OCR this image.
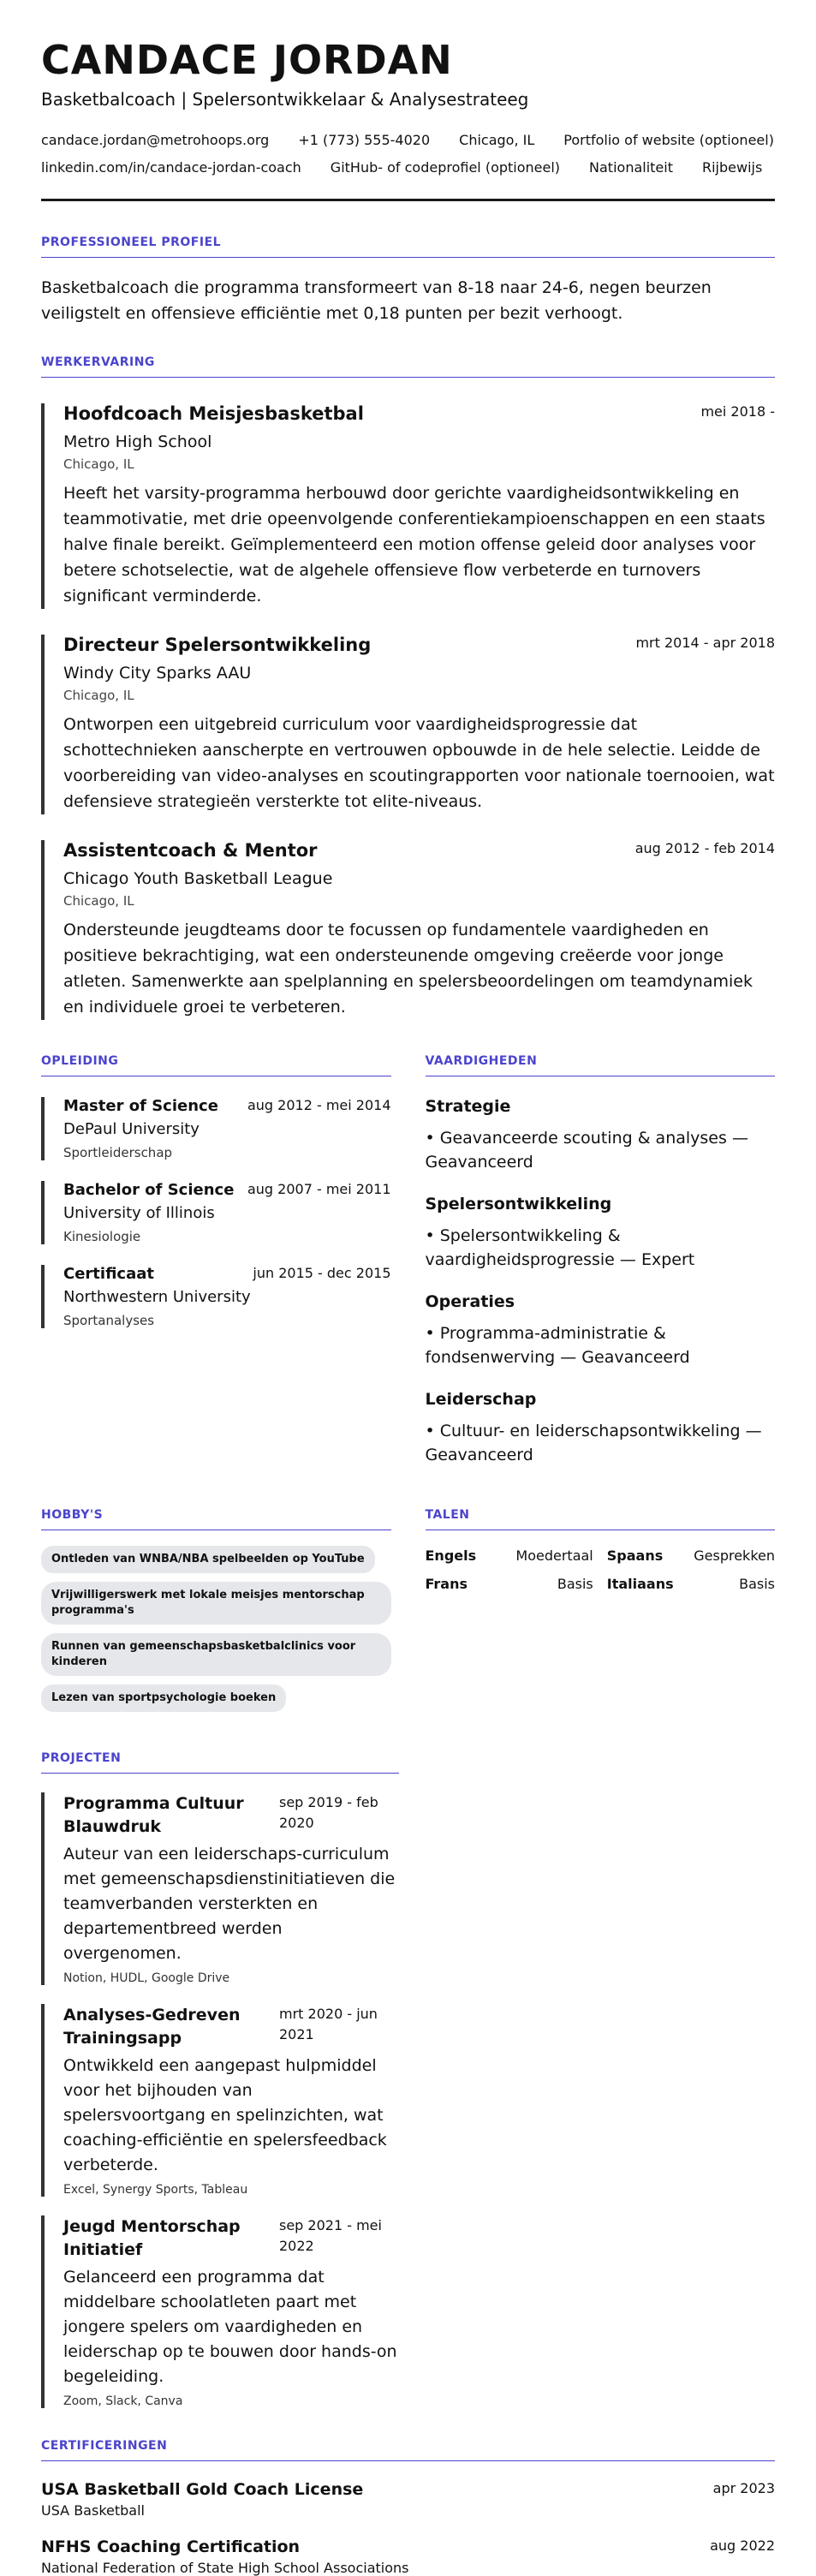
CANDACE JORDAN
Basketbalcoach | Spelersontwikkelaar & Analysestrateeg
candace.jordan@metrohoops.org +1 (773) 555-4020 Chicago, IL Portfolio of website (optioneel)
linkedin.com/in/candace-jordan-coach GitHub- of codeprofiel (optioneel) Nationaliteit Rijbewijs
PROFESSIONEEL PROFIEL
Basketbalcoach die programma transformeert van 8-18 naar 24-6, negen beurzen veiligstelt en offensieve efficiëntie met 0,18 punten per bezit verhoogt.
WERKERVARING
Hoofdcoach Meisjesbasketbal	mei 2018 -
Metro High School
Chicago, IL
Heeft het varsity-programma herbouwd door gerichte vaardigheidsontwikkeling en teammotivatie, met drie opeenvolgende conferentiekampioenschappen en een staats halve finale bereikt. Geïmplementeerd een motion offense geleid door analyses voor betere schotselectie, wat de algehele offensieve flow verbeterde en turnovers significant verminderde.
Directeur Spelersontwikkeling	mrt 2014 - apr 2018
Windy City Sparks AAU
Chicago, IL
Ontworpen een uitgebreid curriculum voor vaardigheidsprogressie dat schottechnieken aanscherpte en vertrouwen opbouwde in de hele selectie. Leidde de voorbereiding van video-analyses en scoutingrapporten voor nationale toernooien, wat defensieve strategieën versterkte tot elite-niveaus.
Assistentcoach & Mentor	aug 2012 - feb 2014
Chicago Youth Basketball League
Chicago, IL
Ondersteunde jeugdteams door te focussen op fundamentele vaardigheden en positieve bekrachtiging, wat een ondersteunende omgeving creëerde voor jonge atleten. Samenwerkte aan spelplanning en spelersbeoordelingen om teamdynamiek en individuele groei te verbeteren.
OPLEIDING
Master of Science aug 2012 - mei 2014
DePaul University
Sportleiderschap
Bachelor of Science aug 2007 - mei 2011
University of Illinois
Kinesiologie
Certificaat	jun 2015 - dec 2015
Northwestern University
Sportanalyses
VAARDIGHEDEN
Strategie
• Geavanceerde scouting & analyses — Geavanceerd
Spelersontwikkeling
• Spelersontwikkeling & vaardigheidsprogressie — Expert
Operaties
• Programma-administratie & fondsenwerving — Geavanceerd
Leiderschap
• Cultuur- en leiderschapsontwikkeling — Geavanceerd
HOBBY'S
Ontleden van WNBA/NBA spelbeelden op YouTube
Vrijwilligerswerk met lokale meisjes mentorschap programma's
Runnen van gemeenschapsbasketbalclinics voor kinderen
Lezen van sportpsychologie boeken
TALEN
Engels	Moedertaal Spaans Gesprekken
Frans	Basis Italiaans	Basis
PROJECTEN
Programma Cultuur Blauwdruk
sep 2019 - feb 2020
Auteur van een leiderschaps-curriculum met gemeenschapsdienstinitiatieven die teamverbanden versterkten en departementbreed werden overgenomen.
Notion, HUDL, Google Drive
Analyses-Gedreven Trainingsapp
mrt 2020 - jun 2021
Ontwikkeld een aangepast hulpmiddel voor het bijhouden van spelersvoortgang en spelinzichten, wat coaching-efficiëntie en spelersfeedback verbeterde.
Excel, Synergy Sports, Tableau
Jeugd Mentorschap Initiatief
sep 2021 - mei 2022
Gelanceerd een programma dat middelbare schoolatleten paart met jongere spelers om vaardigheden en leiderschap op te bouwen door hands-on begeleiding.
Zoom, Slack, Canva
CERTIFICERINGEN
USA Basketball Gold Coach License	apr 2023
USA Basketball
NFHS Coaching Certification	aug 2022
National Federation of State High School Associations
